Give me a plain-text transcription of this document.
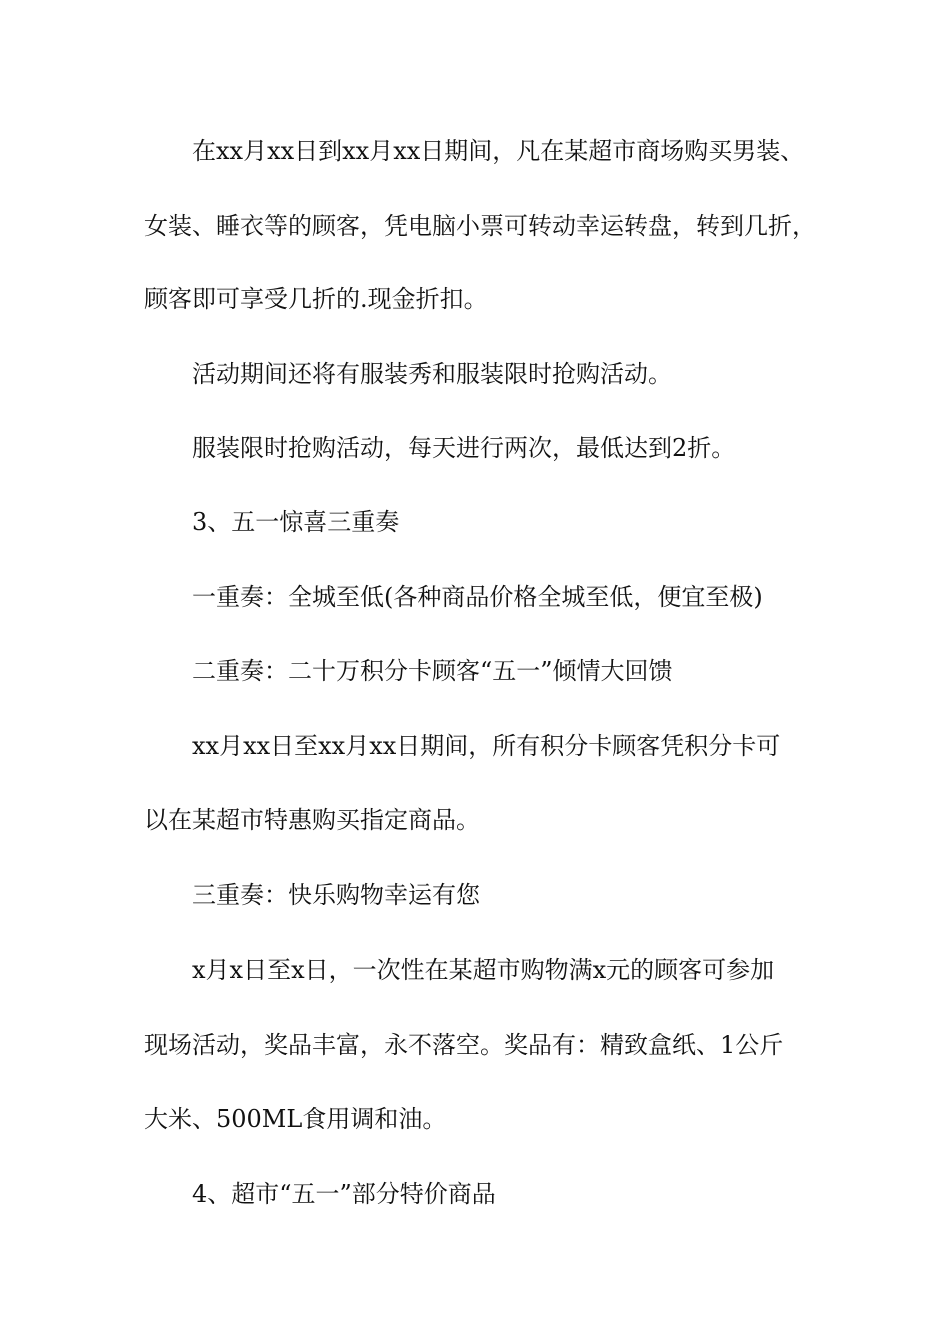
在xx月xx日到xx月xx日期间，凡在某超市商场购买男装、

女装、睡衣等的顾客，凭电脑小票可转动幸运转盘，转到几折，

顾客即可享受几折的.现金折扣。

活动期间还将有服装秀和服装限时抢购活动。

服装限时抢购活动，每天进行两次，最低达到2折。

3、五一惊喜三重奏

一重奏：全城至低(各种商品价格全城至低，便宜至极)

二重奏：二十万积分卡顾客“五一”倾情大回馈

xx月xx日至xx月xx日期间，所有积分卡顾客凭积分卡可

以在某超市特惠购买指定商品。

三重奏：快乐购物幸运有您

x月x日至x日，一次性在某超市购物满x元的顾客可参加

现场活动，奖品丰富，永不落空。奖品有：精致盒纸、1公斤

大米、500ML食用调和油。

4、超市“五一”部分特价商品
